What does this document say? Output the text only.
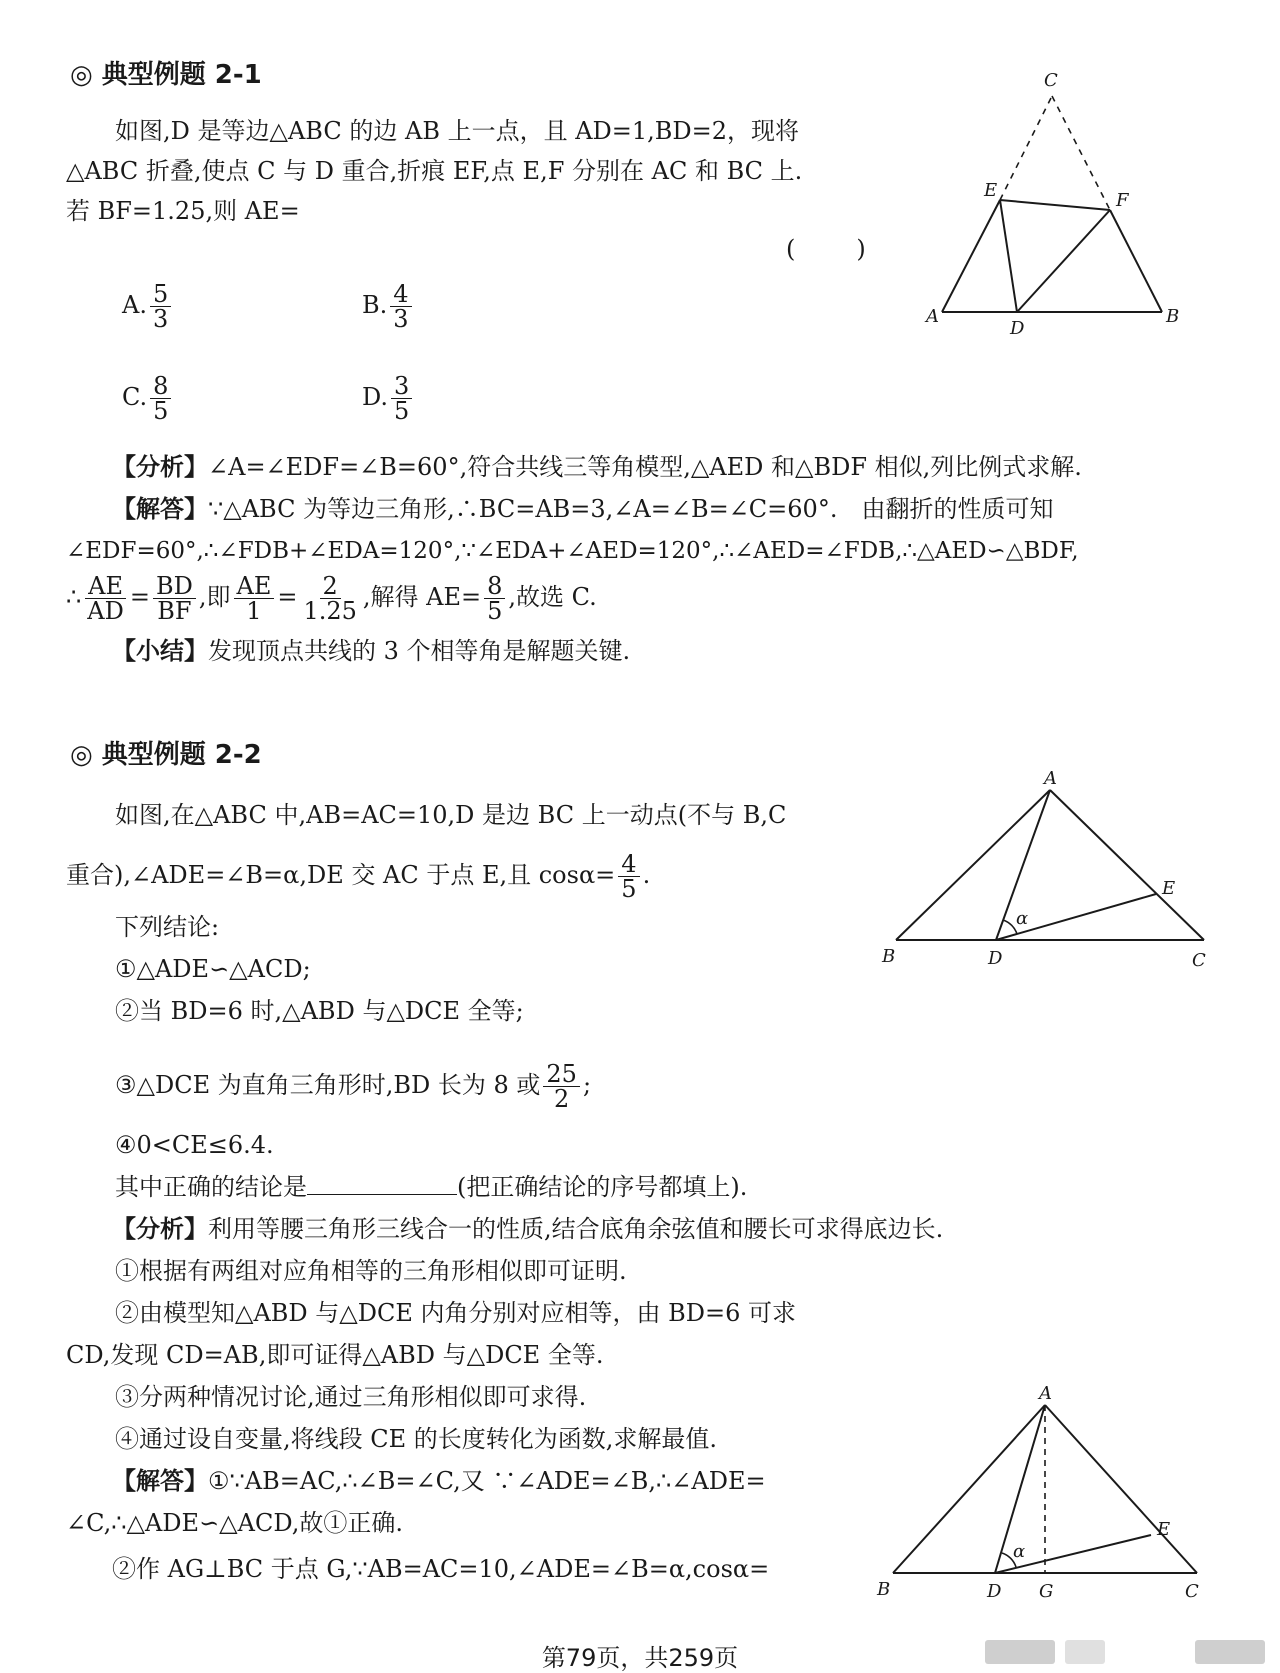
◎ 典型例题 2-1
如图,D 是等边△ABC 的边 AB 上一点，且 AD=1,BD=2，现将
△ABC 折叠,使点 C 与 D 重合,折痕 EF,点 E,F 分别在 AC 和 BC 上.
若 BF=1.25,则 AE=
(        )
A. $\frac{5}{3}$	B. $\frac{4}{3}$
C. $\frac{8}{5}$	D. $\frac{3}{5}$
C
E	F
A
D
B
【分析】∠A=∠EDF=∠B=60°,符合共线三等角模型,△AED 和△BDF 相似,列比例式求解.
【解答】∵△ABC 为等边三角形,∴BC=AB=3,∠A=∠B=∠C=60°.　由翻折的性质可知
∠EDF=60°,∴∠FDB+∠EDA=120°,∵∠EDA+∠AED=120°,∴∠AED=∠FDB,∴△AED∽△BDF,
∴ $\frac{AE}{AD} = \frac{BD}{BF}$ ,即 $\frac{AE}{1} = \frac{2}{1.25}$ ,解得 $AE= \frac{8}{5}$ ,故选 C.
【小结】发现顶点共线的 3 个相等角是解题关键.
◎ 典型例题 2-2
如图,在△ABC 中,AB=AC=10,D 是边 BC 上一动点(不与 B,C
重合),∠ADE=∠B=α,DE 交 AC 于点 E,且 $\cos\alpha= \frac{4}{5}$ .
下列结论:
①△ADE∽△ACD;
②当 BD=6 时,△ABD 与△DCE 全等;
③△DCE 为直角三角形时,BD 长为 8 或 $\frac{25}{2}$ ;
④0<CE≤6.4.
其中正确的结论是	(把正确结论的序号都填上).
【分析】利用等腰三角形三线合一的性质,结合底角余弦值和腰长可求得底边长.
①根据有两组对应角相等的三角形相似即可证明.
②由模型知△ABD 与△DCE 内角分别对应相等，由 BD=6 可求
CD,发现 CD=AB,即可证得△ABD 与△DCE 全等.
③分两种情况讨论,通过三角形相似即可求得.
④通过设自变量,将线段 CE 的长度转化为函数,求解最值.
【解答】①∵AB=AC,∴∠B=∠C,又 ∵∠ADE=∠B,∴∠ADE=
∠C,∴△ADE∽△ACD,故①正确.
②作 AG⊥BC 于点 G,∵AB=AC=10,∠ADE=∠B=α,cosα=
A
E
α
B	D	C
A
E
α
B	D G	C
第79页，共259页
